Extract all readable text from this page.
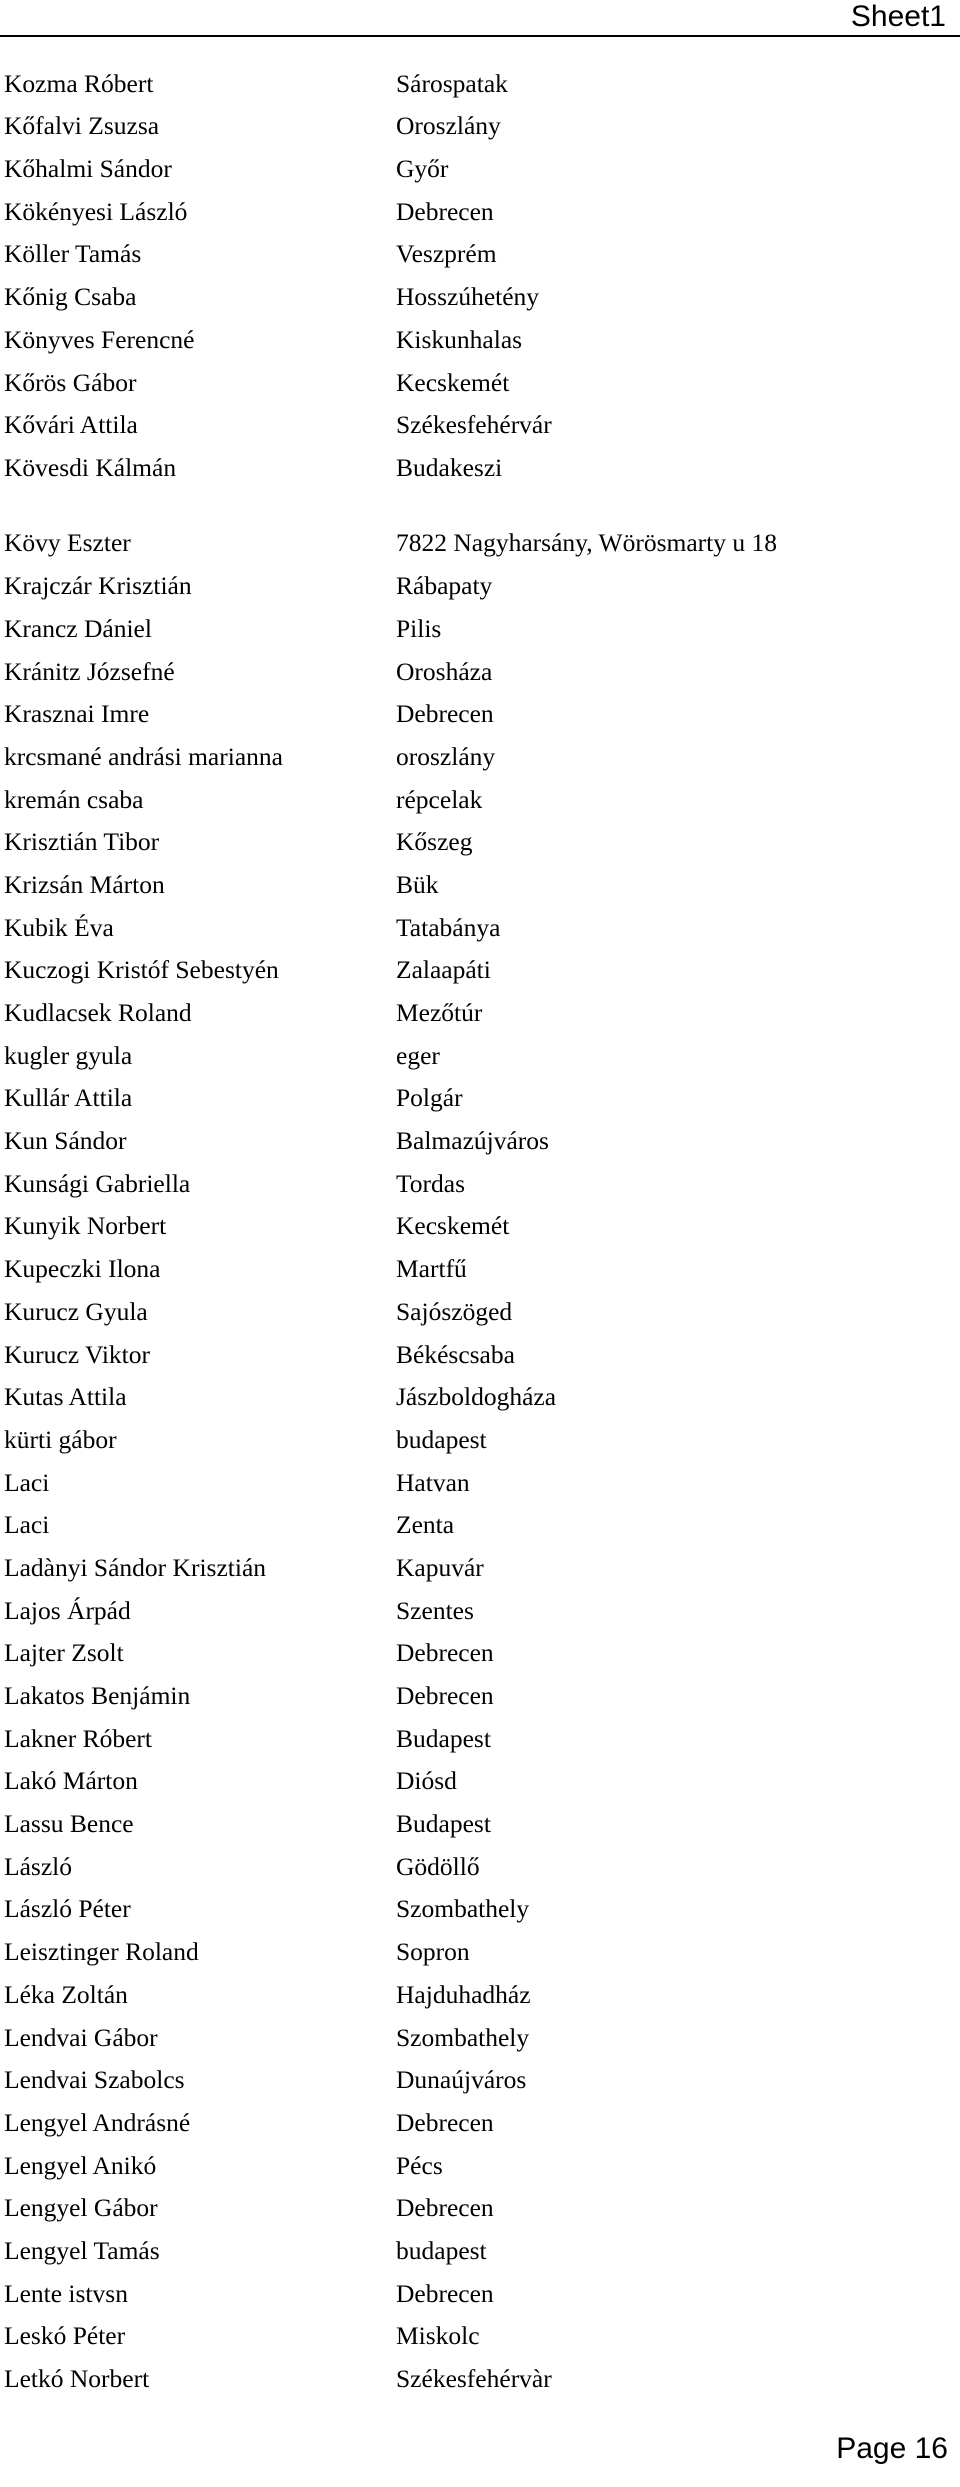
Sheet1
Kozma Róbert	Sárospatak
Kőfalvi Zsuzsa	Oroszlány
Kőhalmi Sándor	Győr
Kökényesi László	Debrecen
Köller Tamás	Veszprém
Kőnig Csaba	Hosszúhetény
Könyves Ferencné	Kiskunhalas
Kőrös Gábor	Kecskemét
Kővári Attila	Székesfehérvár
Kövesdi Kálmán	Budakeszi
Kövy Eszter	7822 Nagyharsány, Wörösmarty u 18
Krajczár Krisztián	Rábapaty
Krancz Dániel	Pilis
Kránitz Józsefné	Orosháza
Krasznai Imre	Debrecen
krcsmané andrási marianna	oroszlány
kremán csaba	répcelak
Krisztián Tibor	Kőszeg
Krizsán Márton	Bük
Kubik Éva	Tatabánya
Kuczogi Kristóf Sebestyén	Zalaapáti
Kudlacsek Roland	Mezőtúr
kugler gyula	eger
Kullár Attila	Polgár
Kun Sándor	Balmazújváros
Kunsági Gabriella	Tordas
Kunyik Norbert	Kecskemét
Kupeczki Ilona	Martfű
Kurucz Gyula	Sajószöged
Kurucz Viktor	Békéscsaba
Kutas Attila	Jászboldogháza
kürti gábor	budapest
Laci	Hatvan
Laci	Zenta
Ladànyi Sándor Krisztián	Kapuvár
Lajos Árpád	Szentes
Lajter Zsolt	Debrecen
Lakatos Benjámin	Debrecen
Lakner Róbert	Budapest
Lakó Márton	Diósd
Lassu Bence	Budapest
László	Gödöllő
László Péter	Szombathely
Leisztinger Roland	Sopron
Léka Zoltán	Hajduhadház
Lendvai Gábor	Szombathely
Lendvai Szabolcs	Dunaújváros
Lengyel Andrásné	Debrecen
Lengyel Anikó	Pécs
Lengyel Gábor	Debrecen
Lengyel Tamás	budapest
Lente istvsn	Debrecen
Leskó Péter	Miskolc
Letkó Norbert	Székesfehérvàr
Page 16
